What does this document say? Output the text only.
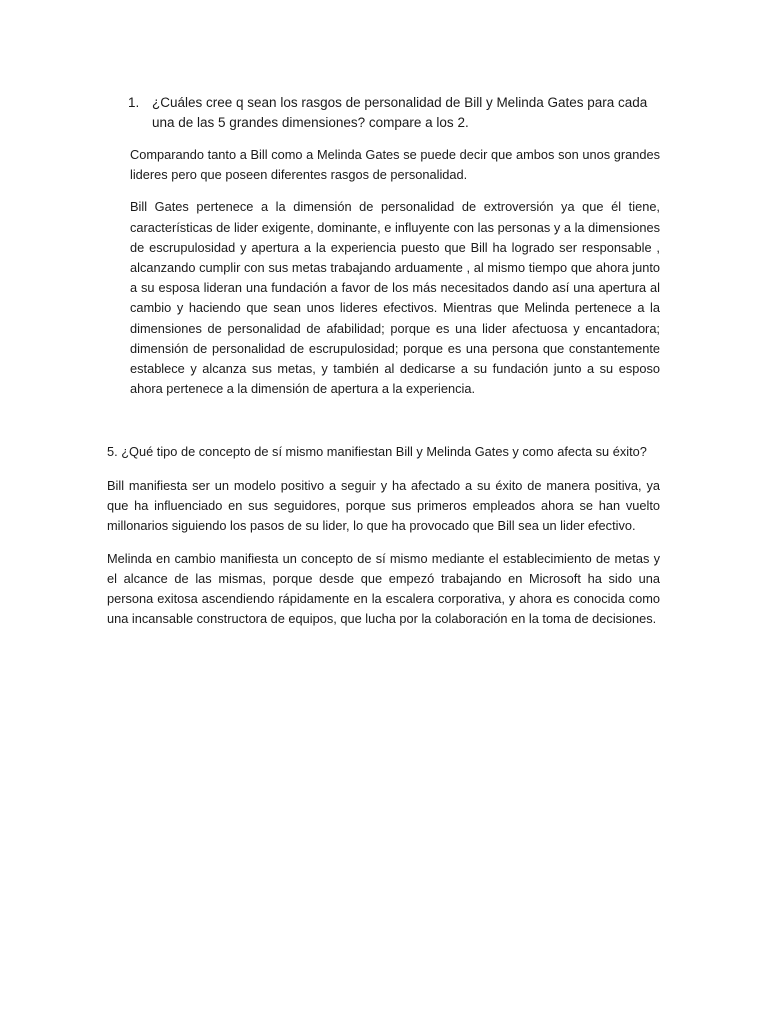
1. ¿Cuáles cree q sean los rasgos de personalidad de Bill y Melinda Gates para cada una de las 5 grandes dimensiones? compare a los 2.

Comparando tanto a Bill como a Melinda Gates se puede decir que ambos son unos grandes lideres pero que poseen diferentes rasgos de personalidad.

Bill Gates pertenece a la dimensión de personalidad de extroversión ya que él tiene, características de lider exigente, dominante, e influyente con las personas y a la dimensiones de escrupulosidad y apertura a la experiencia puesto que Bill ha logrado ser responsable , alcanzando cumplir con sus metas trabajando arduamente , al mismo tiempo que ahora junto a su esposa lideran una fundación a favor de los más necesitados dando así una apertura al cambio y haciendo que sean unos lideres efectivos. Mientras que Melinda pertenece a la dimensiones de personalidad de afabilidad; porque es una lider afectuosa y encantadora; dimensión de personalidad de escrupulosidad; porque es una persona que constantemente establece y alcanza sus metas, y también al dedicarse a su fundación junto a su esposo ahora pertenece a la dimensión de apertura a la experiencia.

5. ¿Qué tipo de concepto de sí mismo manifiestan Bill y Melinda Gates y como afecta su éxito?

Bill manifiesta ser un modelo positivo a seguir y ha afectado a su éxito de manera positiva, ya que ha influenciado en sus seguidores, porque sus primeros empleados ahora se han vuelto millonarios siguiendo los pasos de su lider, lo que ha provocado que Bill sea un lider efectivo.

Melinda en cambio manifiesta un concepto de sí mismo mediante el establecimiento de metas y el alcance de las mismas, porque desde que empezó trabajando en Microsoft ha sido una persona exitosa ascendiendo rápidamente en la escalera corporativa, y ahora es conocida como una incansable constructora de equipos, que lucha por la colaboración en la toma de decisiones.
